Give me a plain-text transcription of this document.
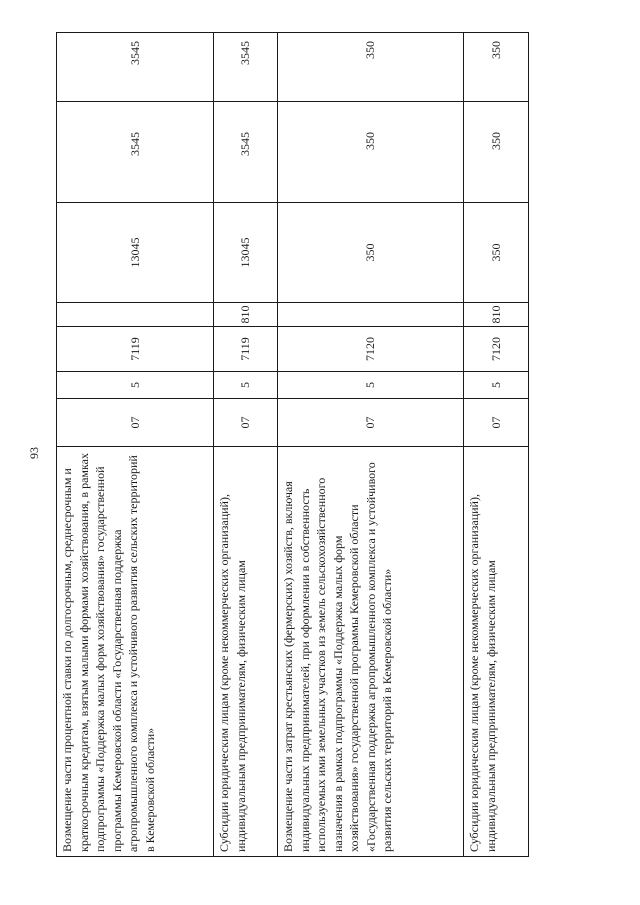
93
Возмещение части процентной ставки по долгосрочным, среднесрочным и краткосрочным кредитам, взятым малыми формами хозяйствования, в рамках подпрограммы «Поддержка малых форм хозяйствования» государственной программы Кемеровской области «Государственная поддержка агропромышленного комплекса и устойчивого развития сельских территорий в Кемеровской области»	07	5	7119		13045	3545	3545
Субсидии юридическим лицам (кроме некоммерческих организаций), индивидуальным предпринимателям, физическим лицам	07	5	7119	810	13045	3545	3545
Возмещение части затрат крестьянских (фермерских) хозяйств, включая индивидуальных предпринимателей, при оформлении в собственность используемых ими земельных участков из земель сельскохозяйственного назначения в рамках подпрограммы «Поддержка малых форм хозяйствования» государственной программы Кемеровской области «Государственная поддержка агропромышленного комплекса и устойчивого развития сельских территорий в Кемеровской области»	07	5	7120		350	350	350
Субсидии юридическим лицам (кроме некоммерческих организаций), индивидуальным предпринимателям, физическим лицам	07	5	7120	810	350	350	350
